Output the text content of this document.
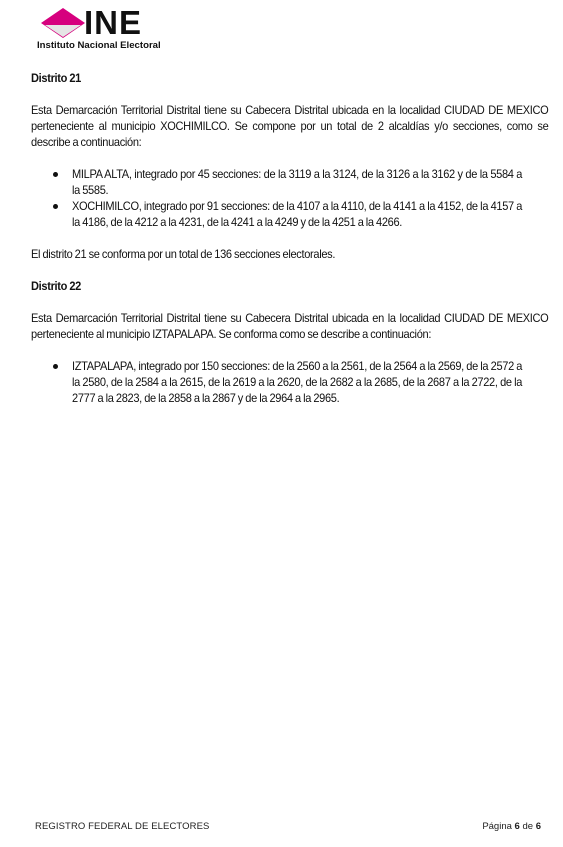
INE
Instituto Nacional Electoral

Distrito 21

Esta Demarcación Territorial Distrital tiene su Cabecera Distrital ubicada en la localidad CIUDAD DE MEXICO perteneciente al municipio XOCHIMILCO. Se compone por un total de 2 alcaldías y/o secciones, como se describe a continuación:

MILPA ALTA, integrado por 45 secciones: de la 3119 a la 3124, de la 3126 a la 3162 y de la 5584 a la 5585.

XOCHIMILCO, integrado por 91 secciones: de la 4107 a la 4110, de la 4141 a la 4152, de la 4157 a la 4186, de la 4212 a la 4231, de la 4241 a la 4249 y de la 4251 a la 4266.

El distrito 21 se conforma por un total de 136 secciones electorales.

Distrito 22

Esta Demarcación Territorial Distrital tiene su Cabecera Distrital ubicada en la localidad CIUDAD DE MEXICO perteneciente al municipio IZTAPALAPA. Se conforma como se describe a continuación:

IZTAPALAPA, integrado por 150 secciones: de la 2560 a la 2561, de la 2564 a la 2569, de la 2572 a la 2580, de la 2584 a la 2615, de la 2619 a la 2620, de la 2682 a la 2685, de la 2687 a la 2722, de la 2777 a la 2823, de la 2858 a la 2867 y de la 2964 a la 2965.

REGISTRO FEDERAL DE ELECTORES	Página 6 de 6
